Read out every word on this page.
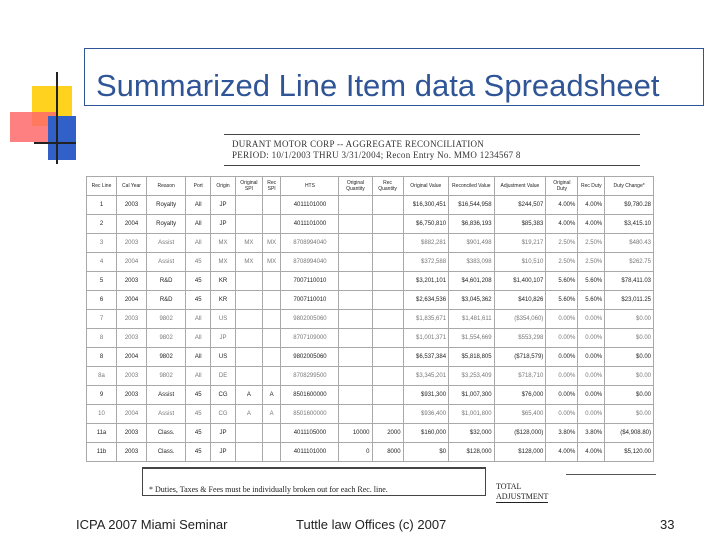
Summarized Line Item data Spreadsheet
DURANT MOTOR CORP -- AGGREGATE RECONCILIATION
PERIOD: 10/1/2003 THRU 3/31/2004; Recon Entry No. MMO 1234567 8
Rec Line	Cal Year	Reason	Port	Origin	Original SPI	Rec SPI	HTS	Original Quantity	Rec Quantity	Original Value	Reconciled Value	Adjustment Value	Original Duty	Rec Duty	Duty Change*
1	2003	Royalty	All	JP			4011101000			$16,300,451	$16,544,958	$244,507	4.00%	4.00%	$9,780.28
2	2004	Royalty	All	JP			4011101000			$6,750,810	$6,836,193	$85,383	4.00%	4.00%	$3,415.10
3	2003	Assist	All	MX	MX	MX	8708994040			$882,281	$901,498	$19,217	2.50%	2.50%	$480.43
4	2004	Assist	45	MX	MX	MX	8708994040			$372,588	$383,098	$10,510	2.50%	2.50%	$262.75
5	2003	R&D	45	KR			7007110010			$3,201,101	$4,601,208	$1,400,107	5.60%	5.60%	$78,411.03
6	2004	R&D	45	KR			7007110010			$2,634,536	$3,045,362	$410,826	5.60%	5.60%	$23,011.25
7	2003	9802	All	US			9802005060			$1,835,671	$1,481,611	($354,060)	0.00%	0.00%	$0.00
8	2003	9802	All	JP			8707109000			$1,001,371	$1,554,669	$553,298	0.00%	0.00%	$0.00
8	2004	9802	All	US			9802005060			$6,537,384	$5,818,805	($718,579)	0.00%	0.00%	$0.00
8a	2003	9802	All	DE			8708299500			$3,345,201	$3,253,409	$718,710	0.00%	0.00%	$0.00
9	2003	Assist	45	CG	A	A	8501600000			$931,300	$1,007,300	$76,000	0.00%	0.00%	$0.00
10	2004	Assist	45	CG	A	A	8501600000			$936,400	$1,001,800	$65,400	0.00%	0.00%	$0.00
11a	2003	Class.	45	JP			4011105000	10000	2000	$160,000	$32,000	($128,000)	3.80%	3.80%	($4,908.80)
11b	2003	Class.	45	JP			4011101000	0	8000	$0	$128,000	$128,000	4.00%	4.00%	$5,120.00
* Duties, Taxes & Fees must be individually broken out for each Rec. line.	TOTAL
ADJUSTMENT
ICPA 2007 Miami Seminar	Tuttle law Offices (c) 2007	33
